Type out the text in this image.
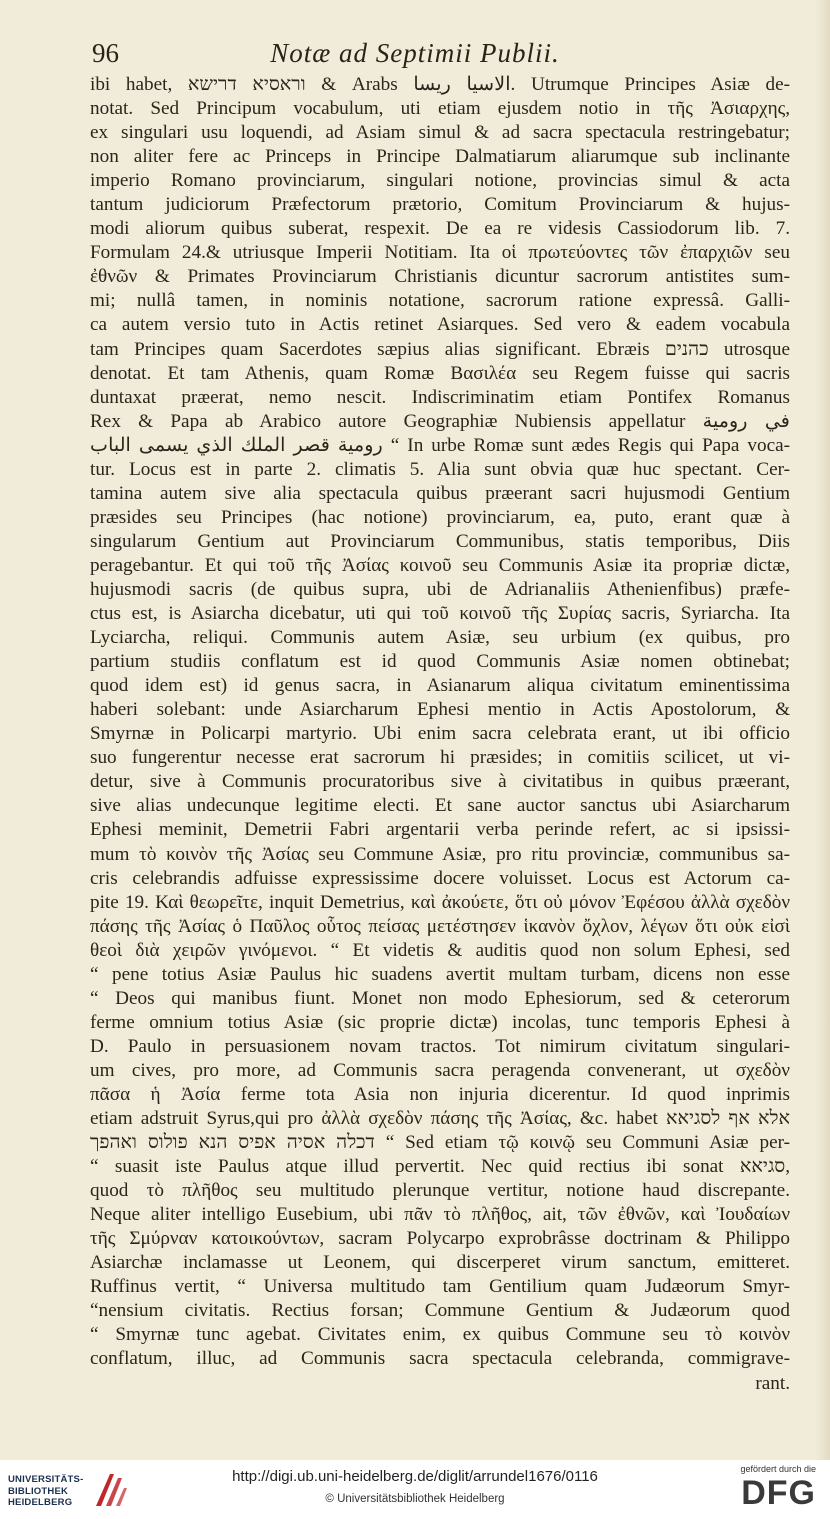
Notæ ad Septimii Publii.
96
ibi habet, וראסיא דרישא & Arabs الاسيا ريسا. Utrumque Principes Asiæ de-
notat. Sed Principum vocabulum, uti etiam ejusdem notio in τῆς Ἀσιαρχης,
ex singulari usu loquendi, ad Asiam simul & ad sacra spectacula restringebatur;
non aliter fere ac Princeps in Principe Dalmatiarum aliarumque sub inclinante
imperio Romano provinciarum, singulari notione, provincias simul & acta
tantum judiciorum Præfectorum prætorio, Comitum Provinciarum & hujus-
modi aliorum quibus suberat, respexit. De ea re videsis Cassiodorum lib. 7.
Formulam 24.& utriusque Imperii Notitiam. Ita οἱ πρωτεύοντες τῶν ἐπαρχιῶν seu
ἐθνῶν & Primates Provinciarum Christianis dicuntur sacrorum antistites sum-
mi; nullâ tamen, in nominis notatione, sacrorum ratione expressâ. Galli-
ca autem versio tuto in Actis retinet Asiarques. Sed vero & eadem vocabula
tam Principes quam Sacerdotes sæpius alias significant. Ebræis כהנים utrosque
denotat. Et tam Athenis, quam Romæ Βασιλέα seu Regem fuisse qui sacris
duntaxat præerat, nemo nescit. Indiscriminatim etiam Pontifex Romanus
Rex & Papa ab Arabico autore Geographiæ Nubiensis appellatur في رومية
رومية قصر الملك الذي يسمى الباب “ In urbe Romæ sunt ædes Regis qui Papa voca-
tur. Locus est in parte 2. climatis 5. Alia sunt obvia quæ huc spectant. Cer-
tamina autem sive alia spectacula quibus præerant sacri hujusmodi Gentium
præsides seu Principes (hac notione) provinciarum, ea, puto, erant quæ à
singularum Gentium aut Provinciarum Communibus, statis temporibus, Diis
peragebantur. Et qui τοῦ τῆς Ἀσίας κοινοῦ seu Communis Asiæ ita propriæ dictæ,
hujusmodi sacris (de quibus supra, ubi de Adrianaliis Athenienfibus) præfe-
ctus est, is Asiarcha dicebatur, uti qui τοῦ κοινοῦ τῆς Συρίας sacris, Syriarcha. Ita
Lyciarcha, reliqui. Communis autem Asiæ, seu urbium (ex quibus, pro
partium studiis conflatum est id quod Communis Asiæ nomen obtinebat;
quod idem est) id genus sacra, in Asianarum aliqua civitatum eminentissima
haberi solebant: unde Asiarcharum Ephesi mentio in Actis Apostolorum, &
Smyrnæ in Policarpi martyrio. Ubi enim sacra celebrata erant, ut ibi officio
suo fungerentur necesse erat sacrorum hi præsides; in comitiis scilicet, ut vi-
detur, sive à Communis procuratoribus sive à civitatibus in quibus præerant,
sive alias undecunque legitime electi. Et sane auctor sanctus ubi Asiarcharum
Ephesi meminit, Demetrii Fabri argentarii verba perinde refert, ac si ipsissi-
mum τὸ κοινὸν τῆς Ἀσίας seu Commune Asiæ, pro ritu provinciæ, communibus sa-
cris celebrandis adfuisse expressissime docere voluisset. Locus est Actorum ca-
pite 19. Καὶ θεωρεῖτε, inquit Demetrius, καὶ ἀκούετε, ὅτι οὐ μόνον Ἐφέσου ἀλλὰ σχεδὸν
πάσης τῆς Ἀσίας ὁ Παῦλος οὗτος πείσας μετέστησεν ἱκανὸν ὄχλον, λέγων ὅτι οὐκ εἰσὶ
θεοὶ διὰ χειρῶν γινόμενοι. “ Et videtis & auditis quod non solum Ephesi, sed
“ pene totius Asiæ Paulus hic suadens avertit multam turbam, dicens non esse
“ Deos qui manibus fiunt. Monet non modo Ephesiorum, sed & ceterorum
ferme omnium totius Asiæ (sic proprie dictæ) incolas, tunc temporis Ephesi à
D. Paulo in persuasionem novam tractos. Tot nimirum civitatum singulari-
um cives, pro more, ad Communis sacra peragenda convenerant, ut σχεδὸν
πᾶσα ἡ Ἀσία ferme tota Asia non injuria dicerentur. Id quod inprimis
etiam adstruit Syrus,qui pro ἀλλὰ σχεδὸν πάσης τῆς Ἀσίας, &c. habet אלא אף לסגיאא
דכלה אסיה אפיס הנא פולוס ואהפך “ Sed etiam τῷ κοινῷ seu Communi Asiæ per-
“ suasit iste Paulus atque illud pervertit. Nec quid rectius ibi sonat סגיאא,
quod τὸ πλῆθος seu multitudo plerunque vertitur, notione haud discrepante.
Neque aliter intelligo Eusebium, ubi πᾶν τὸ πλῆθος, ait, τῶν ἐθνῶν, καὶ Ἰουδαίων
τῆς Σμύρναν κατοικούντων, sacram Polycarpo exprobrâsse doctrinam & Philippo
Asiarchæ inclamasse ut Leonem, qui discerperet virum sanctum, emitteret.
Ruffinus vertit, “ Universa multitudo tam Gentilium quam Judæorum Smyr-
“nensium civitatis. Rectius forsan; Commune Gentium & Judæorum quod
“ Smyrnæ tunc agebat. Civitates enim, ex quibus Commune seu τὸ κοινὸν
conflatum, illuc, ad Communis sacra spectacula celebranda, commigrave-
rant.
UNIVERSITÄTS-
BIBLIOTHEK
HEIDELBERG
http://digi.ub.uni-heidelberg.de/diglit/arrundel1676/0116
© Universitätsbibliothek Heidelberg
gefördert durch die
DFG
